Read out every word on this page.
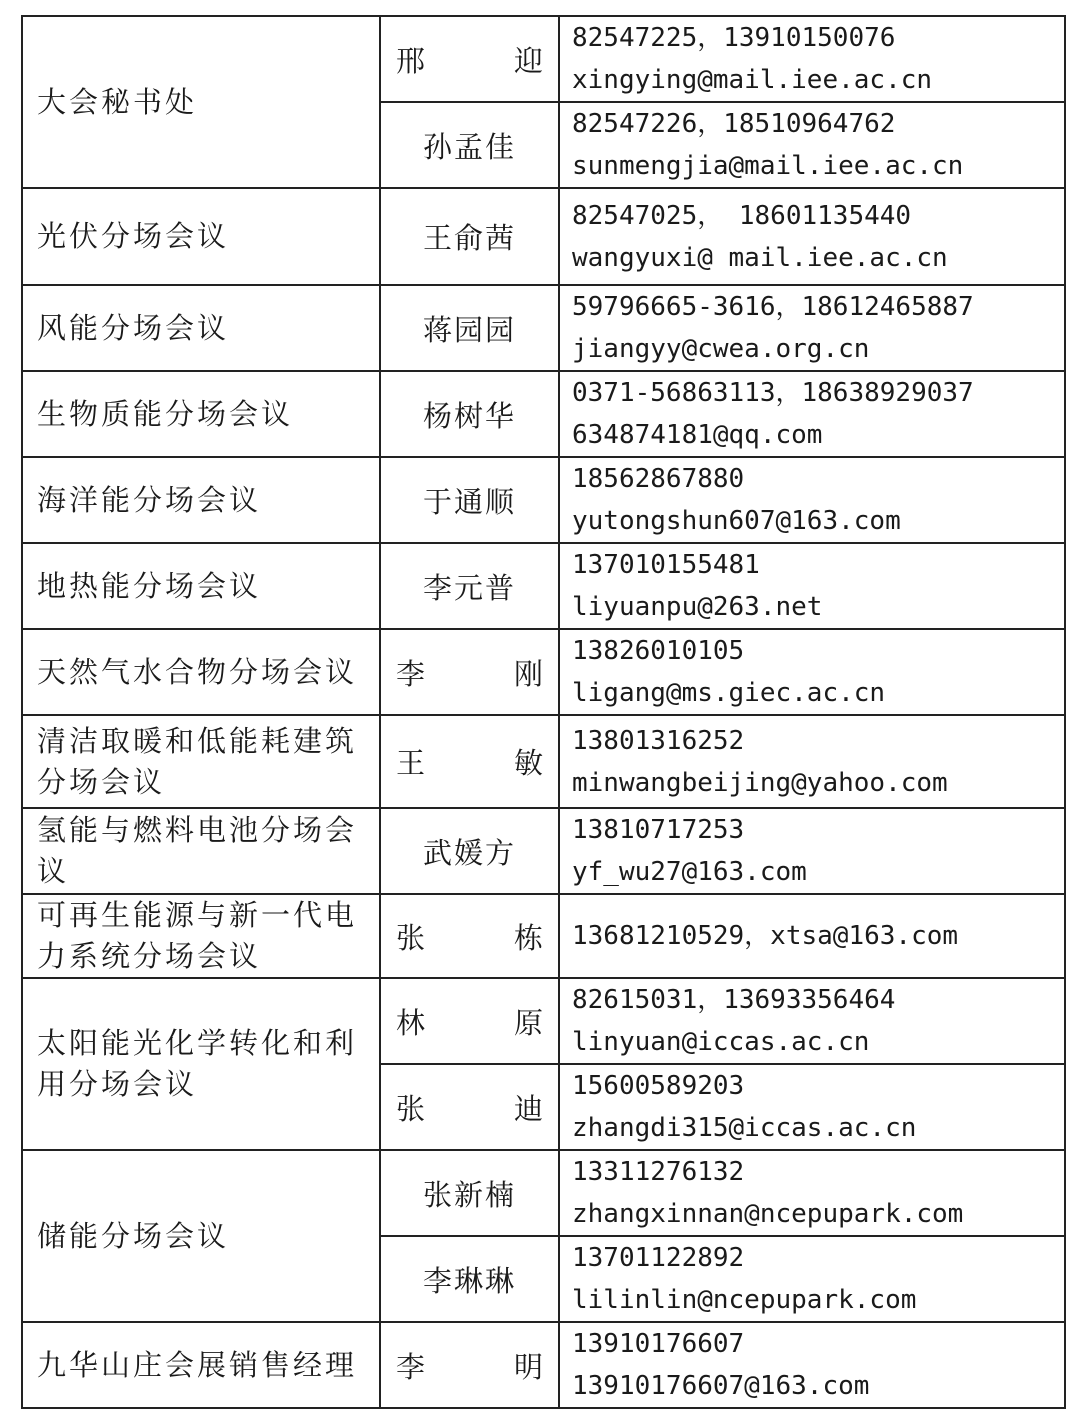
大会秘书处	邢　迎	82547225，13910150076
xingying@mail.iee.ac.cn

	孙孟佳	82547226，18510964762
sunmengjia@mail.iee.ac.cn

光伏分场会议	王俞茜	82547025， 18601135440
wangyuxi@ mail.iee.ac.cn

风能分场会议	蒋园园	59796665-3616，18612465887
jiangyy@cwea.org.cn

生物质能分场会议	杨树华	0371-56863113，18638929037
634874181@qq.com

海洋能分场会议	于通顺	18562867880
yutongshun607@163.com

地热能分场会议	李元普	137010155481
liyuanpu@263.net

天然气水合物分场会议	李　刚	13826010105
ligang@ms.giec.ac.cn

清洁取暖和低能耗建筑分场会议	王　敏	13801316252
minwangbeijing@yahoo.com

氢能与燃料电池分场会议	武媛方	13810717253
yf_wu27@163.com

可再生能源与新一代电力系统分场会议	张　栋	13681210529，xtsa@163.com

太阳能光化学转化和利用分场会议	林　原	82615031，13693356464
linyuan@iccas.ac.cn

	张　迪	15600589203
zhangdi315@iccas.ac.cn

储能分场会议	张新楠	13311276132
zhangxinnan@ncepupark.com

	李琳琳	13701122892
lilinlin@ncepupark.com

九华山庄会展销售经理	李　明	13910176607
13910176607@163.com
